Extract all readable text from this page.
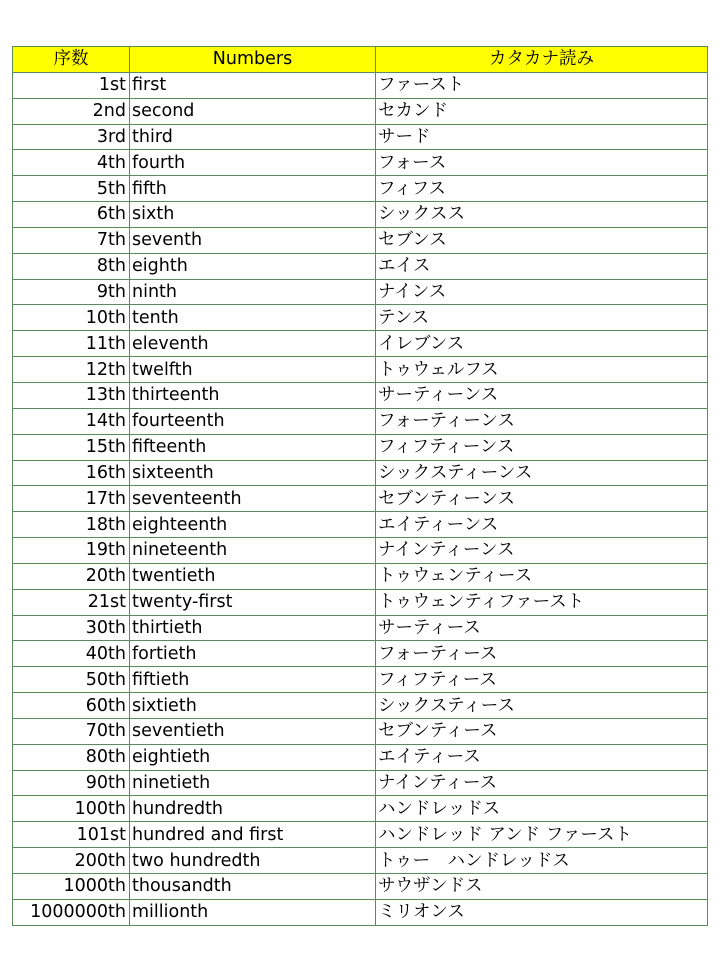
序数	Numbers	カタカナ読み
1st	first	ファースト
2nd	second	セカンド
3rd	third	サード
4th	fourth	フォース
5th	fifth	フィフス
6th	sixth	シックスス
7th	seventh	セブンス
8th	eighth	エイス
9th	ninth	ナインス
10th	tenth	テンス
11th	eleventh	イレブンス
12th	twelfth	トゥウェルフス
13th	thirteenth	サーティーンス
14th	fourteenth	フォーティーンス
15th	fifteenth	フィフティーンス
16th	sixteenth	シックスティーンス
17th	seventeenth	セブンティーンス
18th	eighteenth	エイティーンス
19th	nineteenth	ナインティーンス
20th	twentieth	トゥウェンティース
21st	twenty-first	トゥウェンティファースト
30th	thirtieth	サーティース
40th	fortieth	フォーティース
50th	fiftieth	フィフティース
60th	sixtieth	シックスティース
70th	seventieth	セブンティース
80th	eightieth	エイティース
90th	ninetieth	ナインティース
100th	hundredth	ハンドレッドス
101st	hundred and first	ハンドレッド アンド ファースト
200th	two hundredth	トゥー　ハンドレッドス
1000th	thousandth	サウザンドス
1000000th	millionth	ミリオンス
